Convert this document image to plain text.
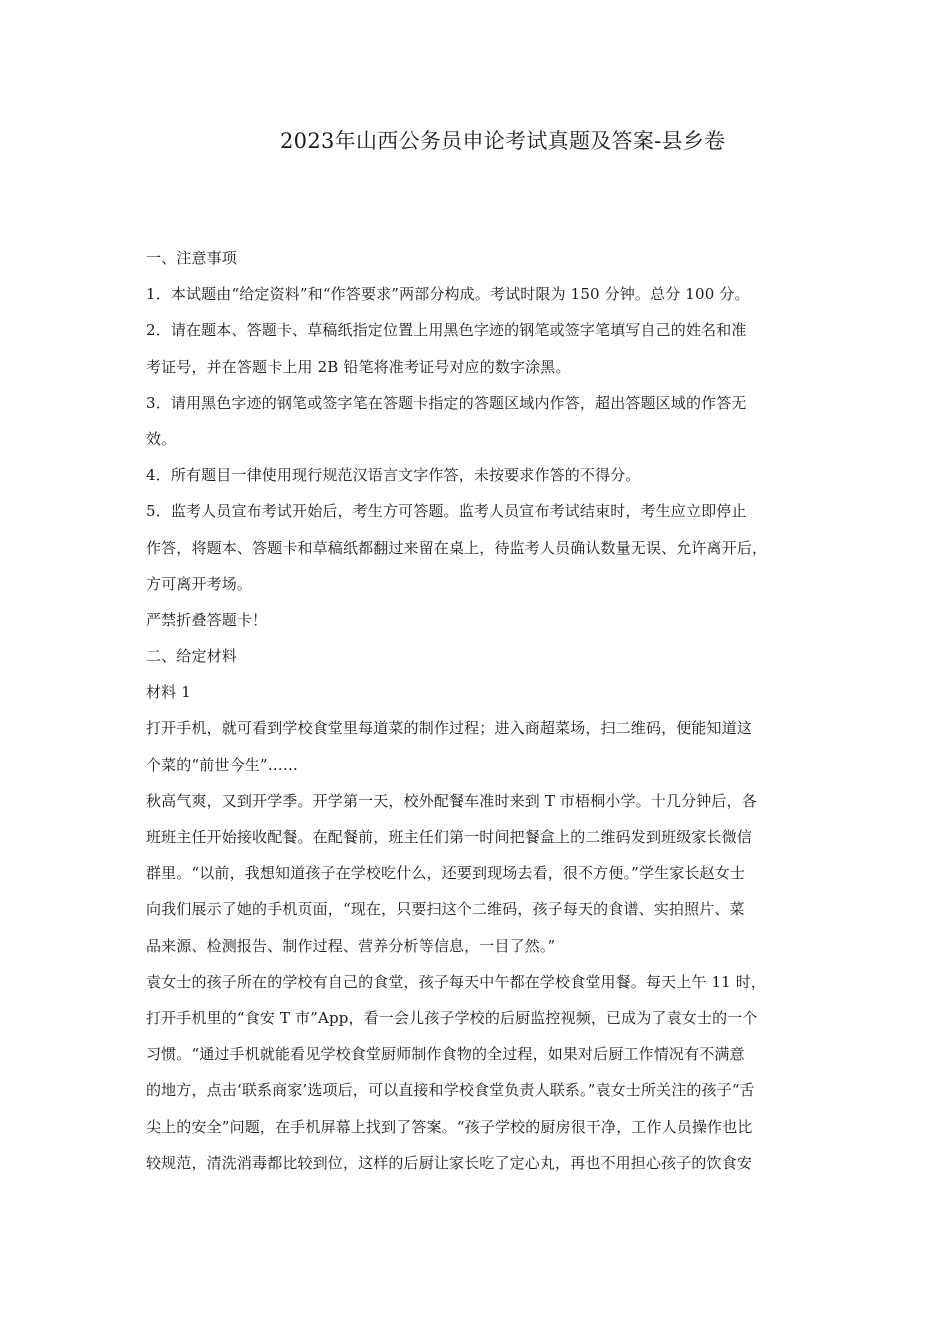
2023年山西公务员申论考试真题及答案-县乡卷
一、注意事项
1．本试题由“给定资料”和“作答要求”两部分构成。考试时限为 150 分钟。总分 100 分。
2．请在题本、答题卡、草稿纸指定位置上用黑色字迹的钢笔或签字笔填写自己的姓名和准
考证号，并在答题卡上用 2B 铅笔将准考证号对应的数字涂黑。
3．请用黑色字迹的钢笔或签字笔在答题卡指定的答题区域内作答，超出答题区域的作答无
效。
4．所有题目一律使用现行规范汉语言文字作答，未按要求作答的不得分。
5．监考人员宣布考试开始后，考生方可答题。监考人员宣布考试结束时，考生应立即停止
作答，将题本、答题卡和草稿纸都翻过来留在桌上，待监考人员确认数量无误、允许离开后，
方可离开考场。
严禁折叠答题卡！
二、给定材料
材料 1
打开手机，就可看到学校食堂里每道菜的制作过程；进入商超菜场，扫二维码，便能知道这
个菜的“前世今生”……
秋高气爽，又到开学季。开学第一天，校外配餐车准时来到 T 市梧桐小学。十几分钟后，各
班班主任开始接收配餐。在配餐前，班主任们第一时间把餐盒上的二维码发到班级家长微信
群里。“以前，我想知道孩子在学校吃什么，还要到现场去看，很不方便。”学生家长赵女士
向我们展示了她的手机页面，“现在，只要扫这个二维码，孩子每天的食谱、实拍照片、菜
品来源、检测报告、制作过程、营养分析等信息，一目了然。”
袁女士的孩子所在的学校有自己的食堂，孩子每天中午都在学校食堂用餐。每天上午 11 时，
打开手机里的“食安 T 市”App，看一会儿孩子学校的后厨监控视频，已成为了袁女士的一个
习惯。“通过手机就能看见学校食堂厨师制作食物的全过程，如果对后厨工作情况有不满意
的地方，点击‘联系商家’选项后，可以直接和学校食堂负责人联系。”袁女士所关注的孩子“舌
尖上的安全”问题，在手机屏幕上找到了答案。“孩子学校的厨房很干净，工作人员操作也比
较规范，清洗消毒都比较到位，这样的后厨让家长吃了定心丸，再也不用担心孩子的饮食安
